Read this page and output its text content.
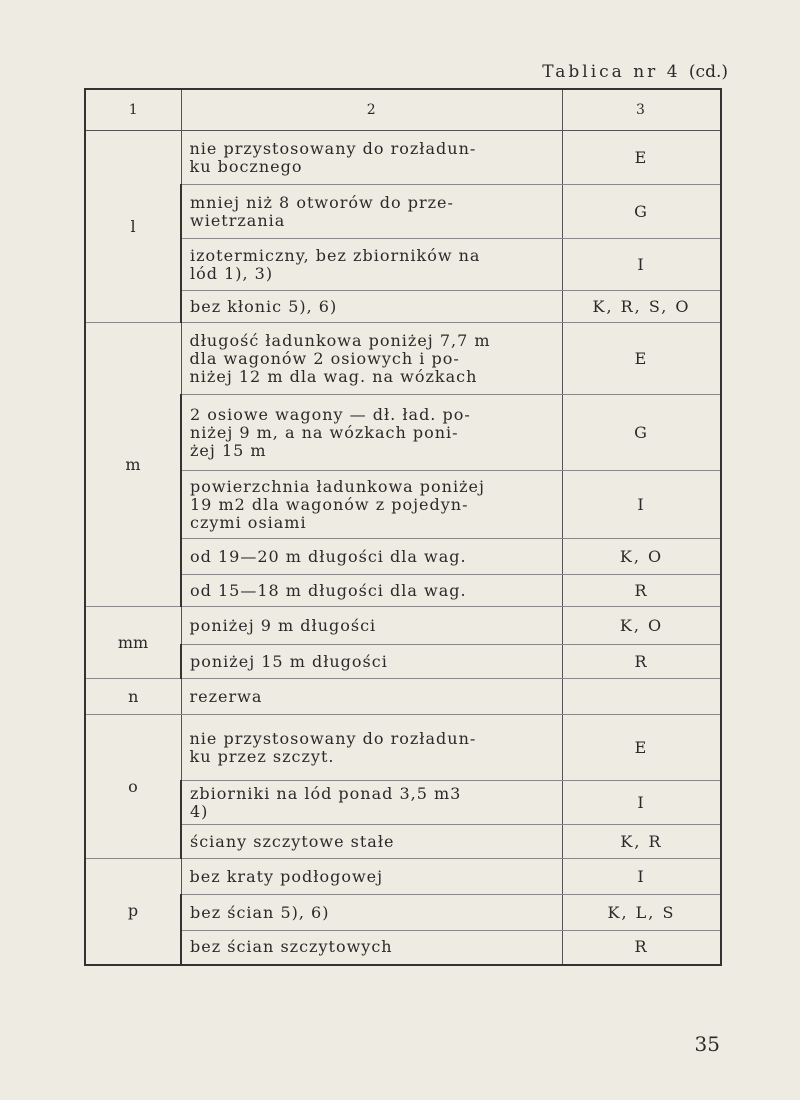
Tablica nr 4 (cd.)
1	2	3
l	nie przystosowany do rozładun-
ku bocznego	E
	mniej niż 8 otworów do prze-
wietrzania	G
	izotermiczny, bez zbiorników na
lód 1), 3)	I
	bez kłonic 5), 6)	K, R, S, O
m	długość ładunkowa poniżej 7,7 m
dla wagonów 2 osiowych i po-
niżej 12 m dla wag. na wózkach	E
	2 osiowe wagony — dł. ład. po-
niżej 9 m, a na wózkach poni-
żej 15 m	G
	powierzchnia ładunkowa poniżej
19 m2 dla wagonów z pojedyn-
czymi osiami	I
	od 19—20 m długości dla wag.	K, O
	od 15—18 m długości dla wag.	R
mm	poniżej 9 m długości	K, O
	poniżej 15 m długości	R
n	rezerwa	
o	nie przystosowany do rozładun-
ku przez szczyt.	E
	zbiorniki na lód ponad 3,5 m3
4)	I
	ściany szczytowe stałe	K, R
p	bez kraty podłogowej	I
	bez ścian 5), 6)	K, L, S
	bez ścian szczytowych	R
35
